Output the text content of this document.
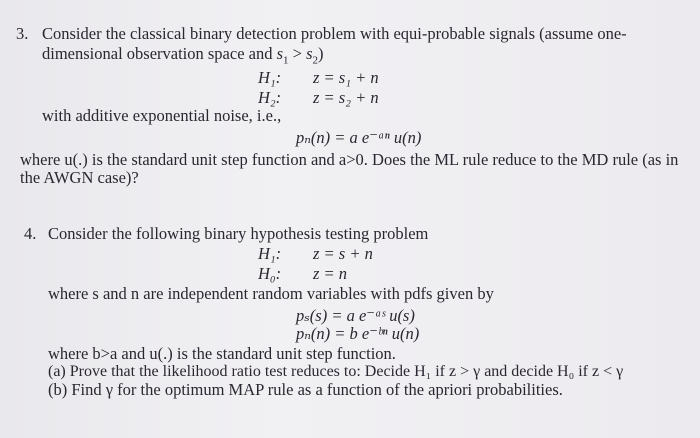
3. Consider the classical binary detection problem with equi-probable signals (assume one-
dimensional observation space and $s_1 > s_2$)
H₁: z = s₁ + n
H₂: z = s₂ + n
with additive exponential noise, i.e.,
pₙ(n) = a e⁻ᵃⁿ u(n)
where u(.) is the standard unit step function and a>0. Does the ML rule reduce to the MD rule (as in
the AWGN case)?
4. Consider the following binary hypothesis testing problem
H₁: z = s + n
H₀: z = n
where s and n are independent random variables with pdfs given by
pₛ(s) = a e⁻ᵃˢ u(s)
pₙ(n) = b e⁻ᵇⁿ u(n)
where b>a and u(.) is the standard unit step function.
(a) Prove that the likelihood ratio test reduces to: Decide H₁ if z > γ and decide H₀ if z < γ
(b) Find γ for the optimum MAP rule as a function of the apriori probabilities.
